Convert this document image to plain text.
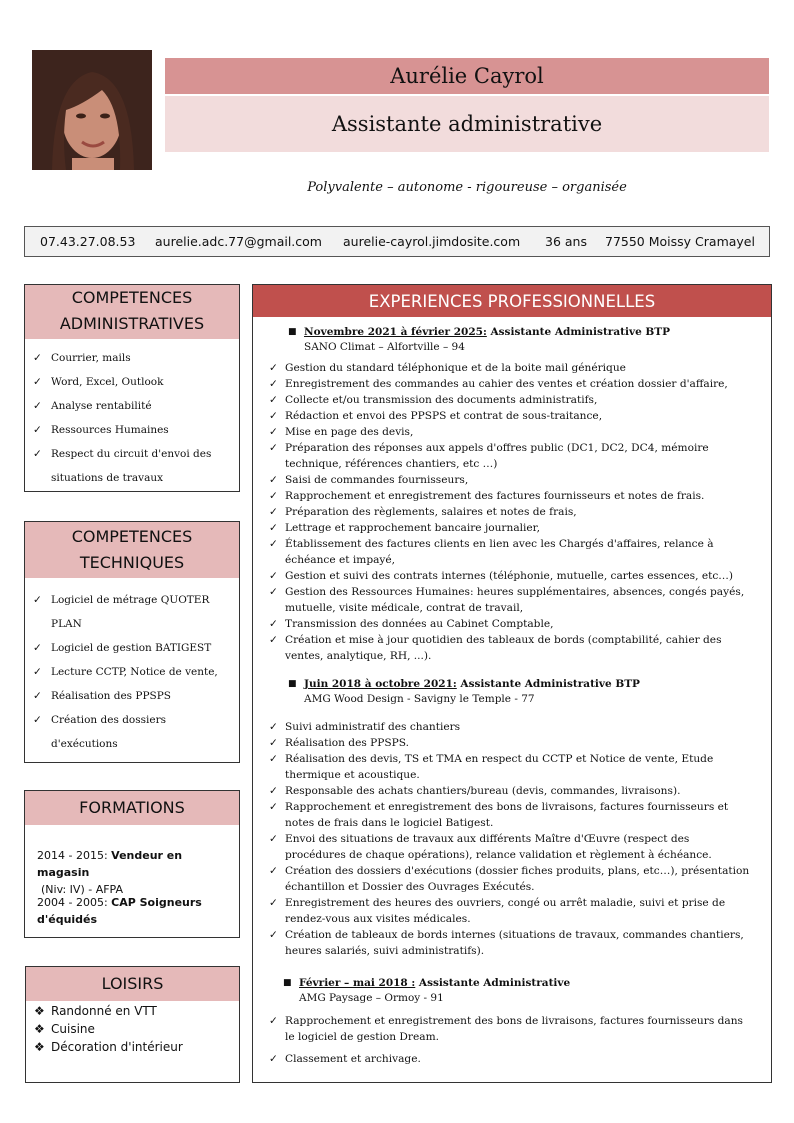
Aurélie Cayrol
Assistante administrative
Polyvalente – autonome - rigoureuse – organisée
07.43.27.08.53 aurelie.adc.77@gmail.com aurelie-cayrol.jimdosite.com 36 ans 77550 Moissy Cramayel
COMPETENCES
ADMINISTRATIVES
✓ Courrier, mails
✓ Word, Excel, Outlook
✓ Analyse rentabilité
✓ Ressources Humaines
✓ Respect du circuit d'envoi des situations de travaux
COMPETENCES
TECHNIQUES
✓ Logiciel de métrage QUOTER PLAN
✓ Logiciel de gestion BATIGEST
✓ Lecture CCTP, Notice de vente,
✓ Réalisation des PPSPS
✓ Création des dossiers d'exécutions
FORMATIONS
2014 - 2015: Vendeur en magasin
(Niv: IV) - AFPA
2004 - 2005: CAP Soigneurs d'équidés
LOISIRS
❖ Randonné en VTT
❖ Cuisine
❖ Décoration d'intérieur
EXPERIENCES PROFESSIONNELLES
■ Novembre 2021 à février 2025: Assistante Administrative BTP
SANO Climat – Alfortville – 94
✓ Gestion du standard téléphonique et de la boite mail générique
✓ Enregistrement des commandes au cahier des ventes et création dossier d'affaire,
✓ Collecte et/ou transmission des documents administratifs,
✓ Rédaction et envoi des PPSPS et contrat de sous-traitance,
✓ Mise en page des devis,
✓ Préparation des réponses aux appels d'offres public (DC1, DC2, DC4, mémoire technique, références chantiers, etc …)
✓ Saisi de commandes fournisseurs,
✓ Rapprochement et enregistrement des factures fournisseurs et notes de frais.
✓ Préparation des règlements, salaires et notes de frais,
✓ Lettrage et rapprochement bancaire journalier,
✓ Établissement des factures clients en lien avec les Chargés d'affaires, relance à échéance et impayé,
✓ Gestion et suivi des contrats internes (téléphonie, mutuelle, cartes essences, etc…)
✓ Gestion des Ressources Humaines: heures supplémentaires, absences, congés payés, mutuelle, visite médicale, contrat de travail,
✓ Transmission des données au Cabinet Comptable,
✓ Création et mise à jour quotidien des tableaux de bords (comptabilité, cahier des ventes, analytique, RH, ...).
■ Juin 2018 à octobre 2021: Assistante Administrative BTP
AMG Wood Design - Savigny le Temple - 77
✓ Suivi administratif des chantiers
✓ Réalisation des PPSPS.
✓ Réalisation des devis, TS et TMA en respect du CCTP et Notice de vente, Etude thermique et acoustique.
✓ Responsable des achats chantiers/bureau (devis, commandes, livraisons).
✓ Rapprochement et enregistrement des bons de livraisons, factures fournisseurs et notes de frais dans le logiciel Batigest.
✓ Envoi des situations de travaux aux différents Maître d'Œuvre (respect des procédures de chaque opérations), relance validation et règlement à échéance.
✓ Création des dossiers d'exécutions (dossier fiches produits, plans, etc…), présentation échantillon et Dossier des Ouvrages Exécutés.
✓ Enregistrement des heures des ouvriers, congé ou arrêt maladie, suivi et prise de rendez-vous aux visites médicales.
✓ Création de tableaux de bords internes (situations de travaux, commandes chantiers, heures salariés, suivi administratifs).
■ Février – mai 2018 : Assistante Administrative
AMG Paysage – Ormoy - 91
✓ Rapprochement et enregistrement des bons de livraisons, factures fournisseurs dans le logiciel de gestion Dream.
✓ Classement et archivage.
